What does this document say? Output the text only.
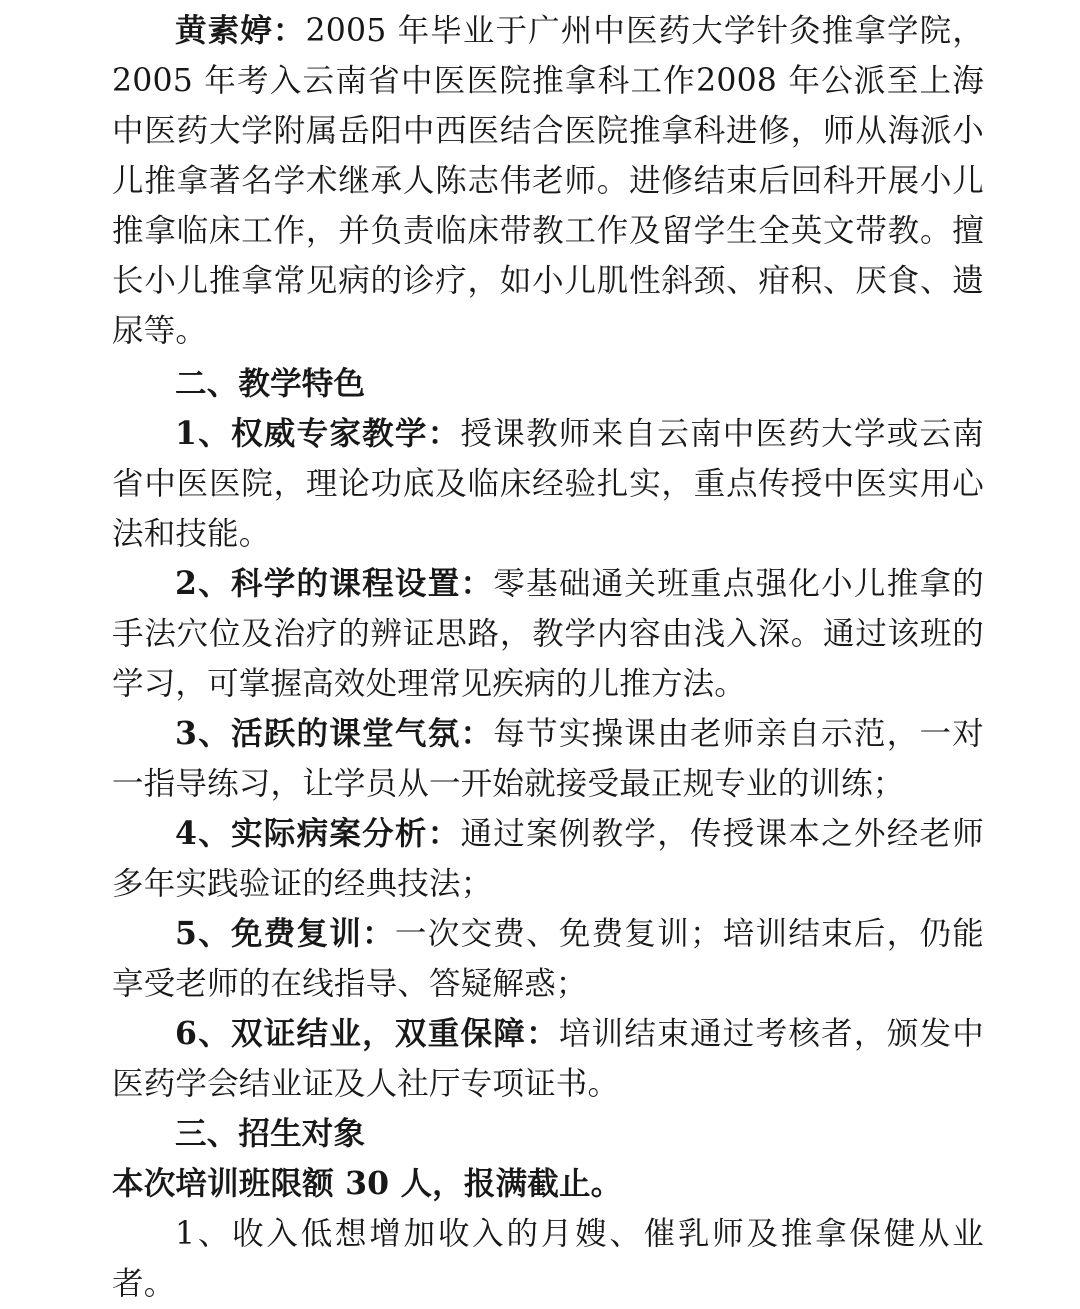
黄素婷：2005 年毕业于广州中医药大学针灸推拿学院，2005 年考入云南省中医医院推拿科工作2008 年公派至上海中医药大学附属岳阳中西医结合医院推拿科进修，师从海派小儿推拿著名学术继承人陈志伟老师。进修结束后回科开展小儿推拿临床工作，并负责临床带教工作及留学生全英文带教。擅长小儿推拿常见病的诊疗，如小儿肌性斜颈、疳积、厌食、遗尿等。

二、教学特色

1、权威专家教学：授课教师来自云南中医药大学或云南省中医医院，理论功底及临床经验扎实，重点传授中医实用心法和技能。

2、科学的课程设置：零基础通关班重点强化小儿推拿的手法穴位及治疗的辨证思路，教学内容由浅入深。通过该班的学习，可掌握高效处理常见疾病的儿推方法。

3、活跃的课堂气氛：每节实操课由老师亲自示范，一对一指导练习，让学员从一开始就接受最正规专业的训练；

4、实际病案分析：通过案例教学，传授课本之外经老师多年实践验证的经典技法；

5、免费复训：一次交费、免费复训；培训结束后，仍能享受老师的在线指导、答疑解惑；

6、双证结业，双重保障：培训结束通过考核者，颁发中医药学会结业证及人社厅专项证书。

三、招生对象

本次培训班限额 30 人，报满截止。

1、收入低想增加收入的月嫂、催乳师及推拿保健从业者。
